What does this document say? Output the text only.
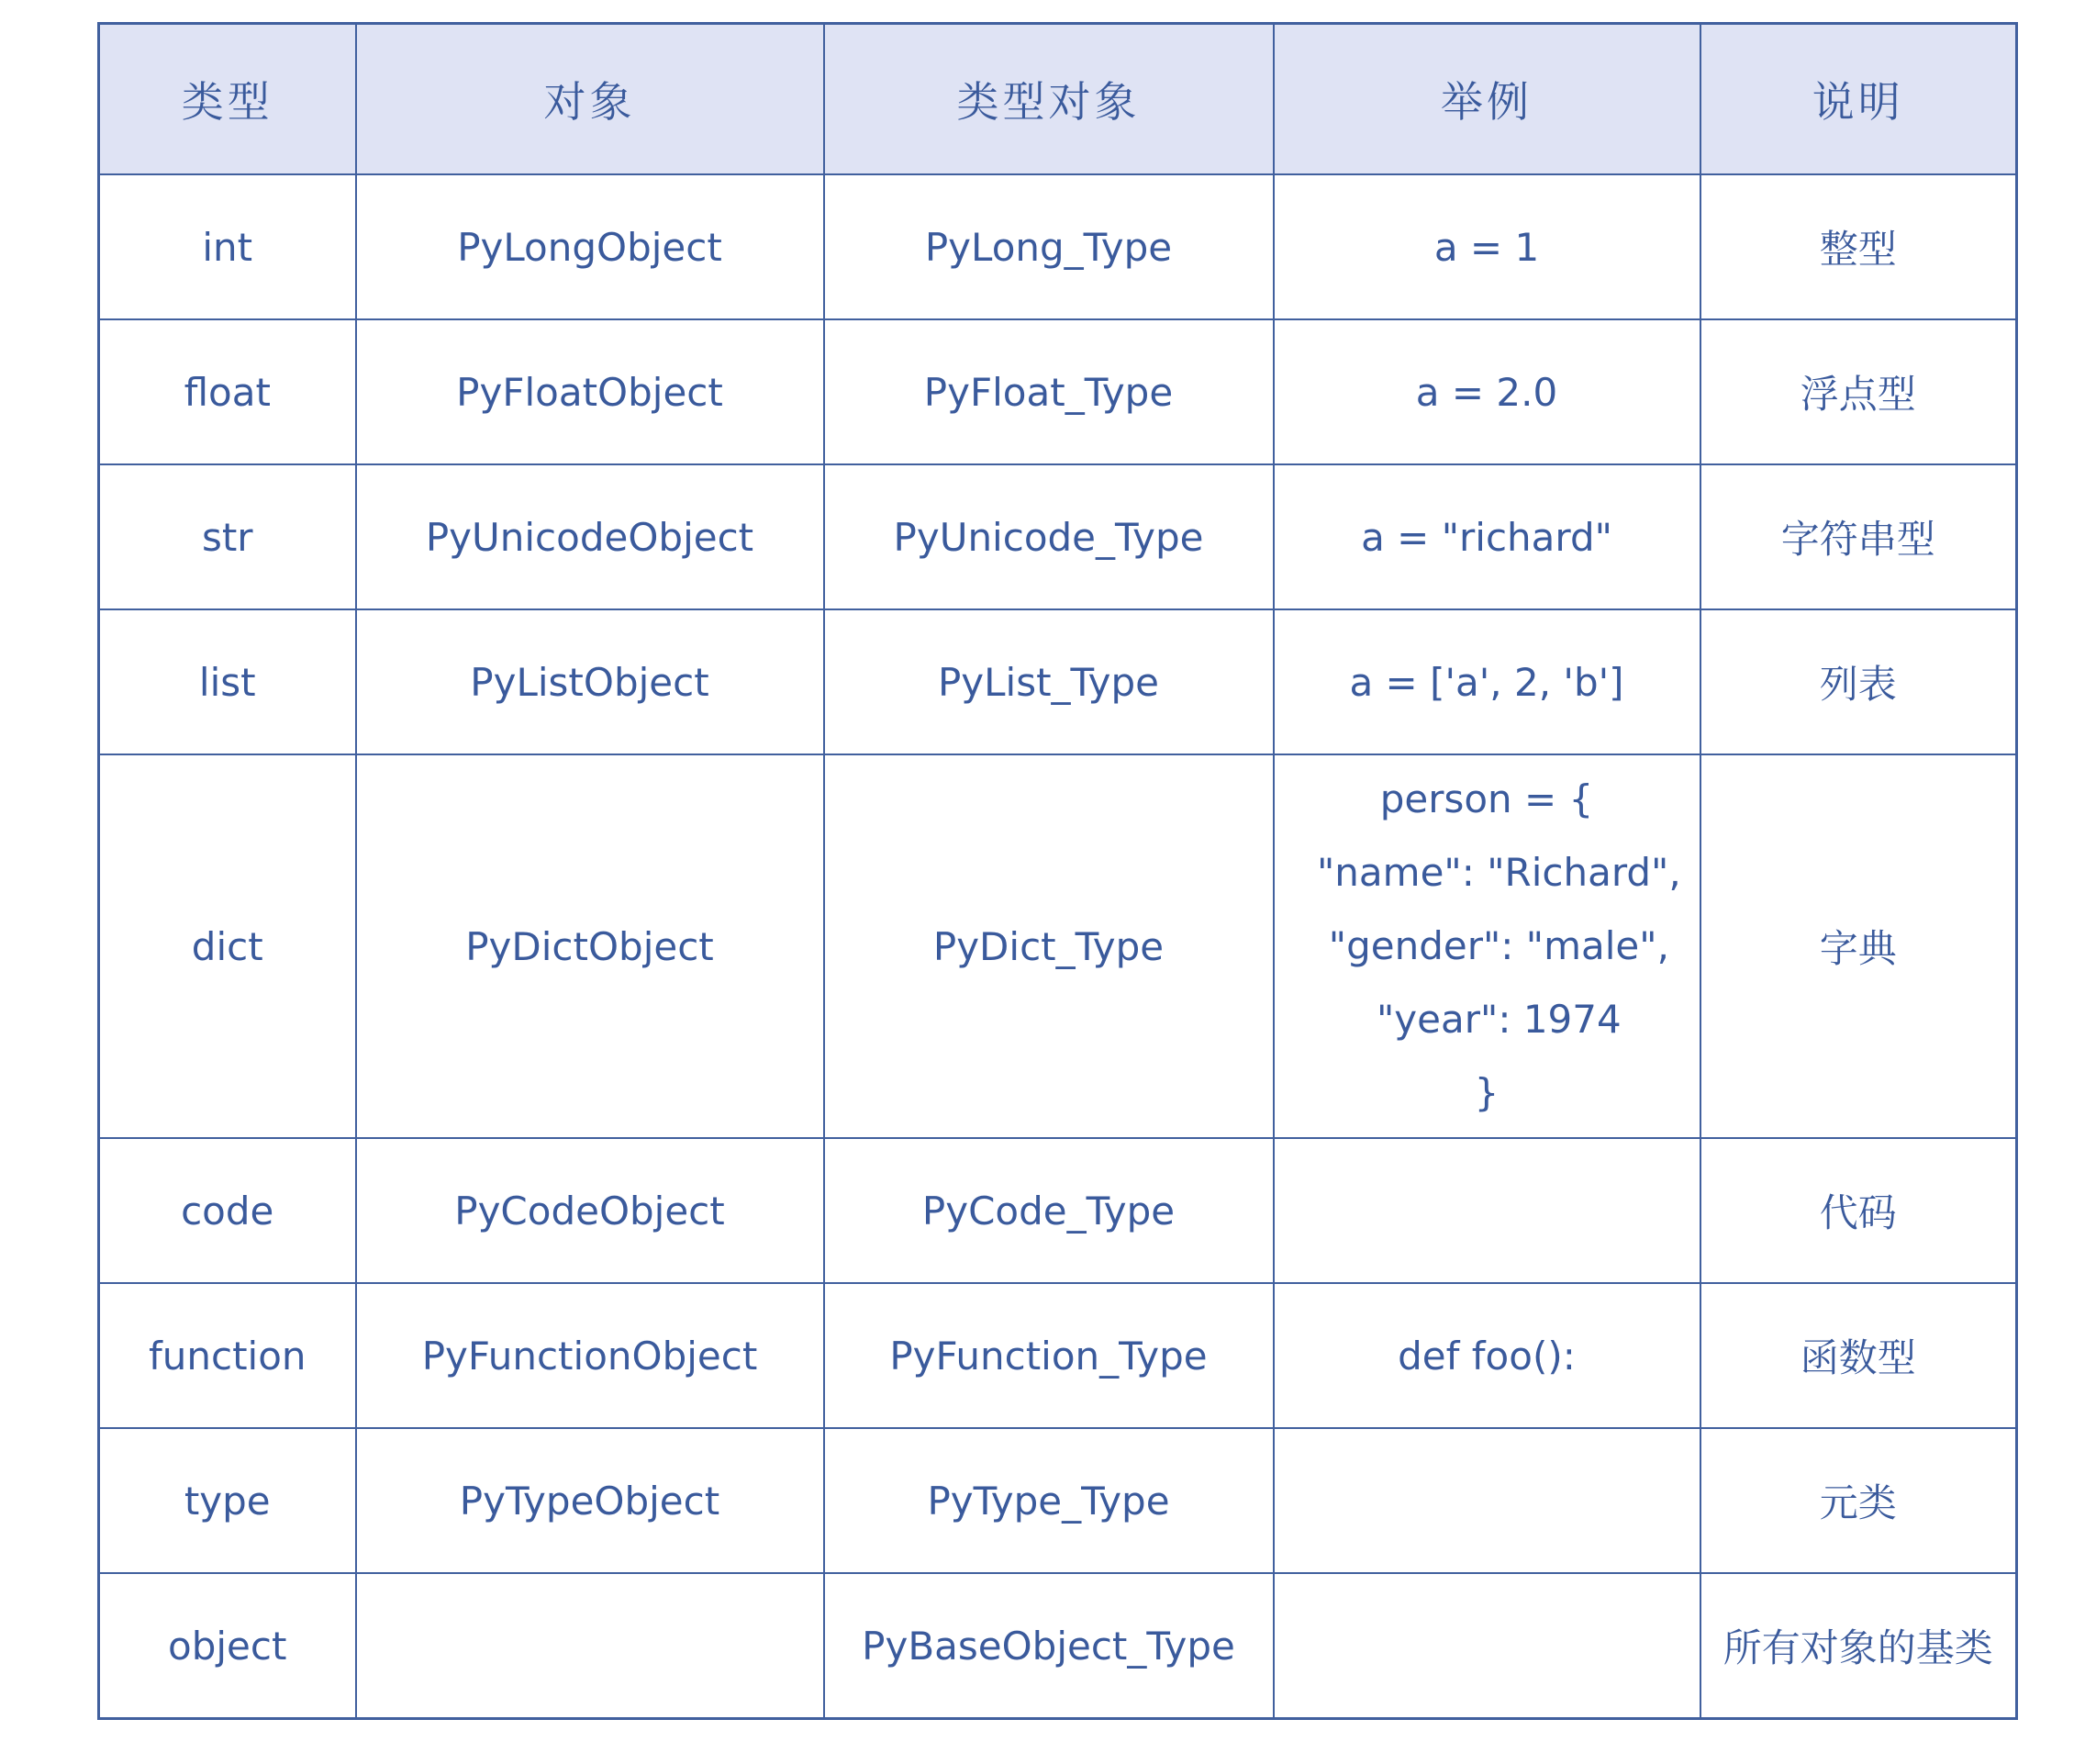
类型	对象	类型对象	举例	说明
int	PyLongObject	PyLong_Type	a = 1	整型
float	PyFloatObject	PyFloat_Type	a = 2.0	浮点型
str	PyUnicodeObject	PyUnicode_Type	a = "richard"	字符串型
list	PyListObject	PyList_Type	a = ['a', 2, 'b']	列表
dict	PyDictObject	PyDict_Type	person = {
"name": "Richard",
"gender": "male",
"year": 1974
}	字典
code	PyCodeObject	PyCode_Type		代码
function	PyFunctionObject	PyFunction_Type	def foo():	函数型
type	PyTypeObject	PyType_Type		元类
object		PyBaseObject_Type		所有对象的基类
